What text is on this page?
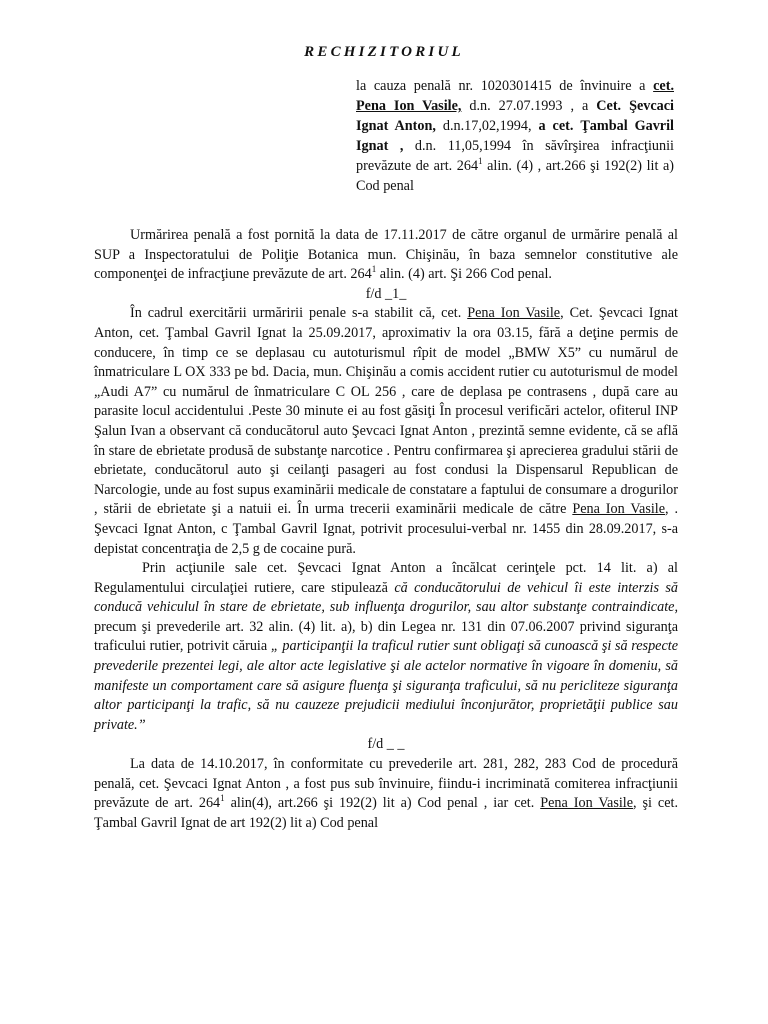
RECHIZITORIUL
la cauza penală nr. 1020301415 de învinuire a cet. Pena Ion Vasile, d.n. 27.07.1993 , a Cet. Şevcaci Ignat Anton, d.n.17,02,1994, a cet. Ţambal Gavril Ignat , d.n. 11,05,1994 în săvîrşirea infracţiunii prevăzute de art. $264^1$ alin. (4) , art.266 şi 192(2) lit a) Cod penal

Urmărirea penală a fost pornită la data de 17.11.2017 de către organul de urmărire penală al SUP a Inspectoratului de Poliţie Botanica mun. Chişinău, în baza semnelor constitutive ale componenţei de infracţiune prevăzute de art. $264^1$ alin. (4) art. Şi 266 Cod penal.

f/d _1_

În cadrul exercitării urmăririi penale s-a stabilit că, cet. Pena Ion Vasile, Cet. Şevcaci Ignat Anton, cet. Ţambal Gavril Ignat la 25.09.2017, aproximativ la ora 03.15, fără a deţine permis de conducere, în timp ce se deplasau cu autoturismul rîpit de model „BMW X5” cu numărul de înmatriculare L OX 333 pe bd. Dacia, mun. Chişinău a comis accident rutier cu autoturismul de model „Audi A7” cu numărul de înmatriculare C OL 256 , care de deplasa pe contrasens , după care au parasite locul accidentului .Peste 30 minute ei au fost găsiţi În procesul verificări actelor, ofiterul INP Şalun Ivan a observant că conducătorul auto Şevcaci Ignat Anton , prezintă semne evidente, că se află în stare de ebrietate produsă de substanţe narcotice . Pentru confirmarea şi aprecierea gradului stării de ebrietate, conducătorul auto şi ceilanţi pasageri au fost condusi la Dispensarul Republican de Narcologie, unde au fost supus examinării medicale de constatare a faptului de consumare a drogurilor , stării de ebrietate şi a natuii ei. În urma trecerii examinării medicale de către Pena Ion Vasile, . Şevcaci Ignat Anton, c Ţambal Gavril Ignat, potrivit procesului-verbal nr. 1455 din 28.09.2017, s-a depistat concentraţia de 2,5 g de cocaine pură.

Prin acţiunile sale cet. Şevcaci Ignat Anton a încălcat cerinţele pct. 14 lit. a) al Regulamentului circulaţiei rutiere, care stipulează că conducătorului de vehicul îi este interzis să conducă vehiculul în stare de ebrietate, sub influenţa drogurilor, sau altor substanţe contraindicate, precum şi prevederile art. 32 alin. (4) lit. a), b) din Legea nr. 131 din 07.06.2007 privind siguranţa traficului rutier, potrivit căruia „ participanţii la traficul rutier sunt obligaţi să cunoască şi să respecte prevederile prezentei legi, ale altor acte legislative şi ale actelor normative în vigoare în domeniu, să manifeste un comportament care să asigure fluenţa şi siguranţa traficului, să nu pericliteze siguranţa altor participanţi la trafic, să nu cauzeze prejudicii mediului înconjurător, proprietăţii publice sau private.”

f/d _ _

La data de 14.10.2017, în conformitate cu prevederile art. 281, 282, 283 Cod de procedură penală, cet. Şevcaci Ignat Anton , a fost pus sub învinuire, fiindu-i incriminată comiterea infracţiunii prevăzute de art. $264^1$ alin(4), art.266 şi 192(2) lit a) Cod penal , iar cet. Pena Ion Vasile, şi cet. Ţambal Gavril Ignat de art 192(2) lit a) Cod penal
